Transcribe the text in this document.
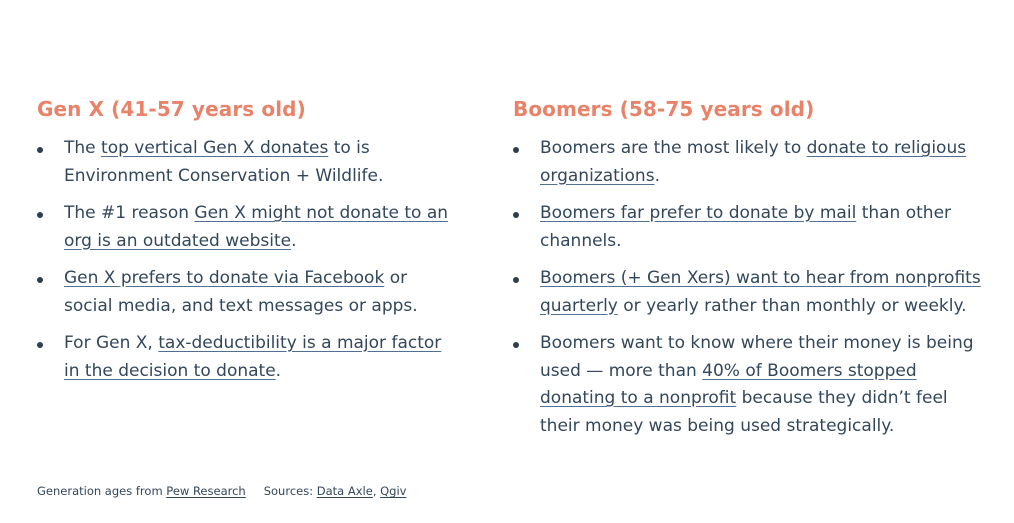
Gen X (41-57 years old)
The top vertical Gen X donates to is Environment Conservation + Wildlife.
The #1 reason Gen X might not donate to an org is an outdated website.
Gen X prefers to donate via Facebook or social media, and text messages or apps.
For Gen X, tax-deductibility is a major factor in the decision to donate.
Boomers (58-75 years old)
Boomers are the most likely to donate to religious organizations.
Boomers far prefer to donate by mail than other channels.
Boomers (+ Gen Xers) want to hear from nonprofits quarterly or yearly rather than monthly or weekly.
Boomers want to know where their money is being used — more than 40% of Boomers stopped donating to a nonprofit because they didn’t feel their money was being used strategically.
Generation ages from Pew Research Sources: Data Axle, Qgiv
